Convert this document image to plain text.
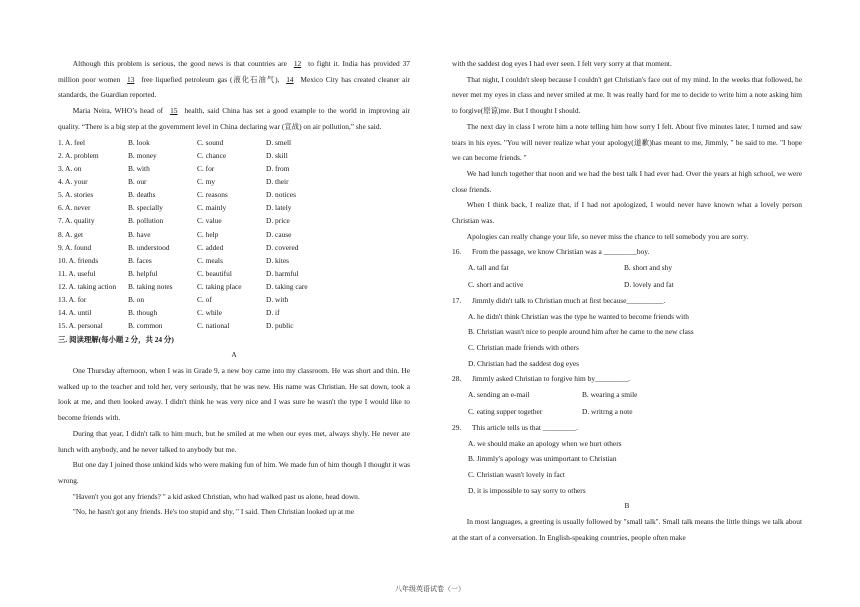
Although this problem is serious, the good news is that countries are 12 to fight it. India has provided 37 million poor women 13 free liquefied petroleum gas (液化石油气), 14 Mexico City has created cleaner air standards, the Guardian reported.

Maria Neira, WHO’s head of 15 health, said China has set a good example to the world in improving air quality. “There is a big step at the government level in China declaring war (宣战) on air pollution,” she said.

1. A. feel	B. look	C. sound	D. smell
2. A. problem	B. money	C. chance	D. skill
3. A. on	B. with	C. for	D. from
4. A. your	B. our	C. my	D. their
5. A. stories	B. deaths	C. reasons	D. notices
6. A. never	B. specially	C. mainly	D. lately
7. A. quality	B. pollution	C. value	D. price
8. A. get	B. have	C. help	D. cause
9. A. found	B. understood	C. added	D. covered
10. A. friends	B. faces	C. meals	D. kites
11. A. useful	B. helpful	C. beautiful	D. harmful
12. A. taking action B. taking notes	C. taking place	D. taking care
13. A. for	B. on	C. of	D. with
14. A. until	B. though	C. while	D. if
15. A. personal	B. common	C. national	D. public

三. 阅读理解(每小题 2 分，共 24 分)

A

One Thursday afternoon, when I was in Grade 9, a new boy came into my classroom. He was short and thin. He walked up to the teacher and told her, very seriously, that he was new. His name was Christian. He sat down, took a look at me, and then looked away. I didn't think he was very nice and I was sure he wasn't the type I would like to become friends with.

During that year, I didn't talk to him much, but he smiled at me when our eyes met, always shyly. He never ate lunch with anybody, and he never talked to anybody but me.

But one day I joined those unkind kids who were making fun of him. We made fun of him though I thought it was wrong.

"Haven't you got any friends? " a kid asked Christian, who had walked past us alone, head down.

"No, he hasn't got any friends. He's too stupid and shy, " I said. Then Christian looked up at me

with the saddest dog eyes I had ever seen. I felt very sorry at that moment.

That night, I couldn't sleep because I couldn't get Christian's face out of my mind. In the weeks that followed, he never met my eyes in class and never smiled at me. It was really hard for me to decide to write him a note asking him to forgive(原谅)me. But I thought I should.

The next day in class I wrote him a note telling him how sorry I felt. About five minutes later, I turned and saw tears in his eyes. "You will never realize what your apology(道歉)has meant to me, Jimmly, " he said to me. "I hope we can become friends. "

We had lunch together that noon and we had the best talk I had ever had. Over the years at high school, we were close friends.

When I think back, I realize that, if I had not apologized, I would never have known what a lovely person Christian was.

Apologies can really change your life, so never miss the chance to tell somebody you are sorry.

16.	From the passage, we know Christian was a _________boy.
A. tall and fat	B. short and shy
C. short and active	D. lovely and fat
17.	Jimmly didn't talk to Christian much at first because__________.

A. he didn't think Christian was the type he wanted to become friends with

B. Christian wasn't nice to people around him after he came to the new class

C. Christian made friends with others

D. Christian had the saddest dog eyes

28.	Jimmly asked Christian to forgive him by_________.
A. sending an e-mail	B. wearing a smile
C. eating supper together	D. writrng a note
29.	This article tells us that _________.

A. we should make an apology when we hurt others

B. Jimmly's apology was unimportant to Christian

C. Christian wasn't lovely in fact

D. it is impossible to say sorry to others

B

In most languages, a greeting is usually followed by "small talk". Small talk means the little things we talk about at the start of a conversation. In English-speaking countries, people often make

八年级英语试卷（一）
